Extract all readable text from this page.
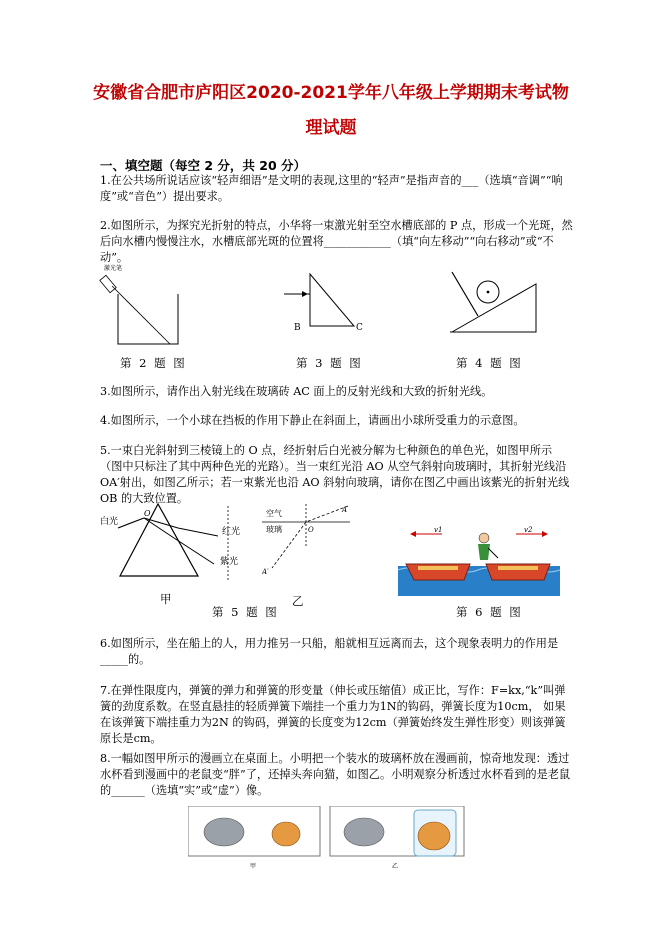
安徽省合肥市庐阳区2020-2021学年八年级上学期期末考试物
理试题
一、填空题（每空 2 分，共 20 分）
1.在公共场所说话应该“轻声细语”是文明的表现,这里的“轻声”是指声音的___（选填“音调”“响度”或“音色”）提出要求。
2.如图所示，为探究光折射的特点，小华将一束激光射至空水槽底部的 P 点，形成一个光斑，然后向水槽内慢慢注水，水槽底部光斑的位置将____________（填“向左移动”“向右移动”或“不动”。
激光笔
B	C
第 2 题 图	第 3 题 图	第 4 题 图
3.如图所示，请作出入射光线在玻璃砖 AC 面上的反射光线和大致的折射光线。
4.如图所示，一个小球在挡板的作用下静止在斜面上，请画出小球所受重力的示意图。
5.一束白光斜射到三棱镜上的 O 点，经折射后白光被分解为七种颜色的单色光，如图甲所示（图中只标注了其中两种色光的光路）。当一束红光沿 AO 从空气斜射向玻璃时，其折射光线沿 OA′射出，如图乙所示；若一束紫光也沿 AO 斜射向玻璃，请你在图乙中画出该紫光的折射光线 OB 的大致位置。
白光
O
红光
紫光
甲
空气
玻璃
A
O
A′
乙
v1	v2
第 6 题 图
第 5 题 图
6.如图所示，坐在船上的人，用力推另一只船，船就相互远离而去，这个现象表明力的作用是_____的。
7.在弹性限度内，弹簧的弹力和弹簧的形变量（伸长或压缩值）成正比，写作：F=kx,“k”叫弹簧的劲度系数。在竖直悬挂的轻质弹簧下端挂一个重力为1N的钩码，弹簧长度为10cm， 如果在该弹簧下端挂重力为2N 的钩码，弹簧的长度变为12cm（弹簧始终发生弹性形变）则该弹簧原长是cm。
8.一幅如图甲所示的漫画立在桌面上。小明把一个装水的玻璃杯放在漫画前，惊奇地发现：透过水杯看到漫画中的老鼠变“胖”了，还掉头奔向猫，如图乙。小明观察分析透过水杯看到的是老鼠的______（选填“实”或“虚”）像。
甲	乙
